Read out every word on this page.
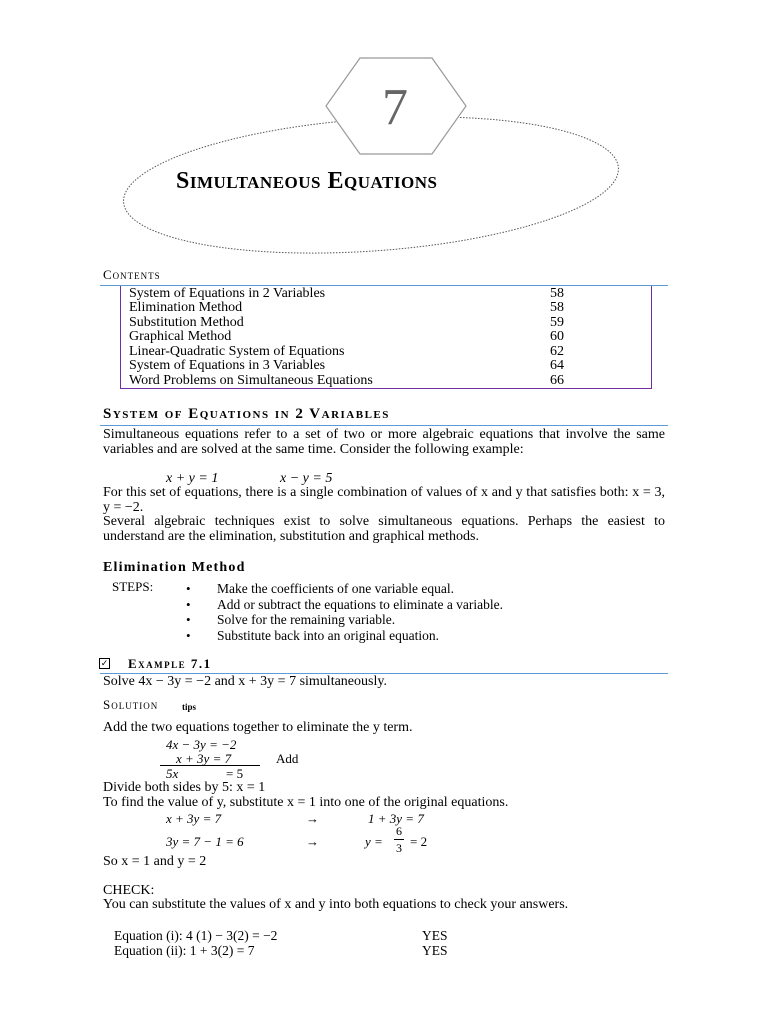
7
Simultaneous Equations
Contents
System of Equations in 2 Variables	58
Elimination Method	58
Substitution Method	59
Graphical Method	60
Linear-Quadratic System of Equations	62
System of Equations in 3 Variables	64
Word Problems on Simultaneous Equations	66
System of Equations in 2 Variables
Simultaneous equations refer to a set of two or more algebraic equations that involve the same variables and are solved at the same time. Consider the following example:
x + y = 1	x − y = 5
For this set of equations, there is a single combination of values of x and y that satisfies both: x = 3, y = −2.
Several algebraic techniques exist to solve simultaneous equations. Perhaps the easiest to understand are the elimination, substitution and graphical methods.
Elimination Method
STEPS:	• Make the coefficients of one variable equal.
• Add or subtract the equations to eliminate a variable.
• Solve for the remaining variable.
• Substitute back into an original equation.
✓ Example 7.1
Solve 4x − 3y = −2 and x + 3y = 7 simultaneously.
Solution	tips
Add the two equations together to eliminate the y term.
4x − 3y = −2
x + 3y = 7	Add
5x	= 5
Divide both sides by 5: x = 1
To find the value of y, substitute x = 1 into one of the original equations.
x + 3y = 7	→	1 + 3y = 7
3y = 7 − 1 = 6	→	y =
6
3 = 2
So x = 1 and y = 2
CHECK:
You can substitute the values of x and y into both equations to check your answers.
Equation (i): 4 (1) − 3(2) = −2	YES
Equation (ii): 1 + 3(2) = 7	YES
